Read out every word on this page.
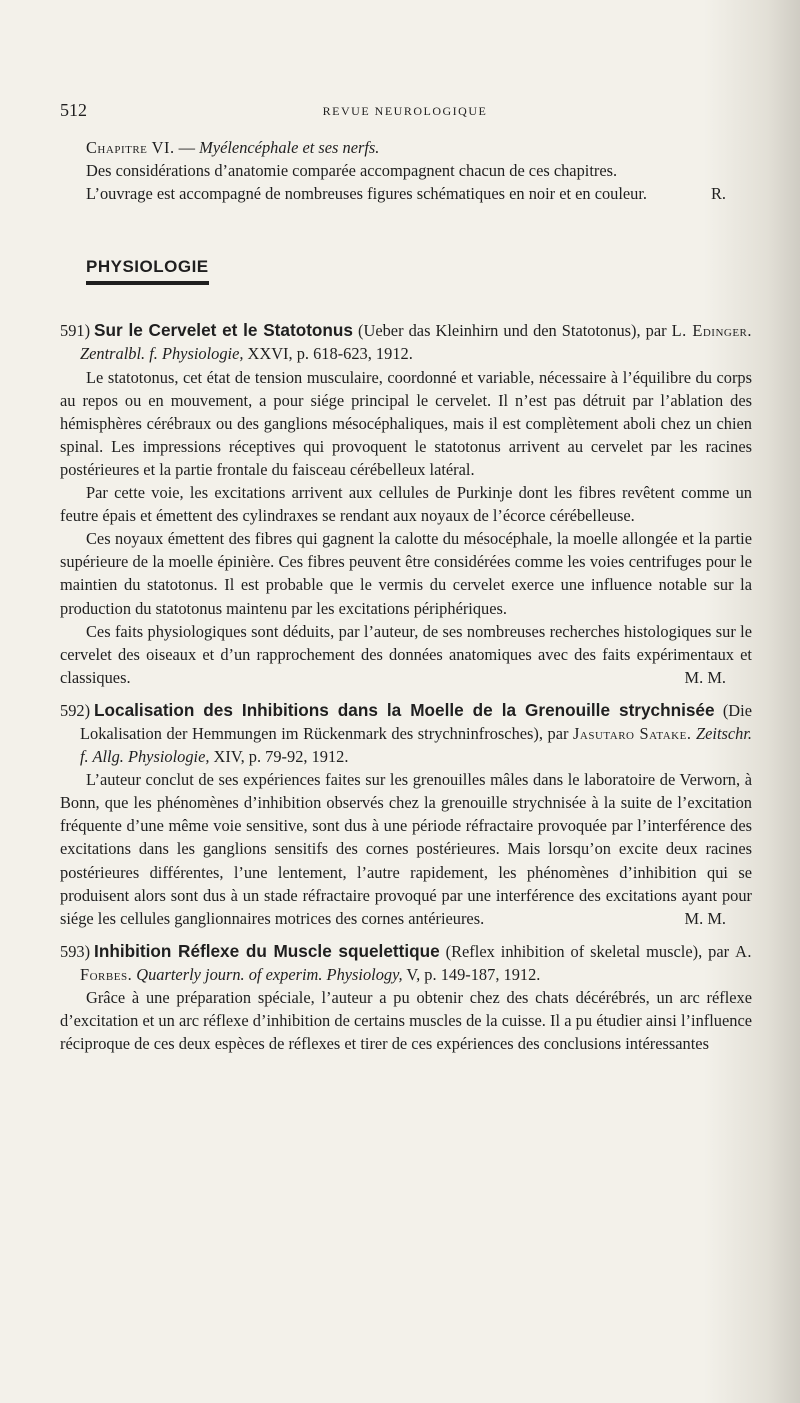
512	REVUE NEUROLOGIQUE

Chapitre VI. — Myélencéphale et ses nerfs.

Des considérations d’anatomie comparée accompagnent chacun de ces chapitres.

L’ouvrage est accompagné de nombreuses figures schématiques en noir et en couleur.	R.

PHYSIOLOGIE

591) Sur le Cervelet et le Statotonus (Ueber das Kleinhirn und den Statotonus), par L. Edinger. Zentralbl. f. Physiologie, XXVI, p. 618-623, 1912.

Le statotonus, cet état de tension musculaire, coordonné et variable, nécessaire à l’équilibre du corps au repos ou en mouvement, a pour siége principal le cervelet. Il n’est pas détruit par l’ablation des hémisphères cérébraux ou des ganglions mésocéphaliques, mais il est complètement aboli chez un chien spinal. Les impressions réceptives qui provoquent le statotonus arrivent au cervelet par les racines postérieures et la partie frontale du faisceau cérébelleux latéral.

Par cette voie, les excitations arrivent aux cellules de Purkinje dont les fibres revêtent comme un feutre épais et émettent des cylindraxes se rendant aux noyaux de l’écorce cérébelleuse.

Ces noyaux émettent des fibres qui gagnent la calotte du mésocéphale, la moelle allongée et la partie supérieure de la moelle épinière. Ces fibres peuvent être considérées comme les voies centrifuges pour le maintien du statotonus. Il est probable que le vermis du cervelet exerce une influence notable sur la production du statotonus maintenu par les excitations périphériques.

Ces faits physiologiques sont déduits, par l’auteur, de ses nombreuses recherches histologiques sur le cervelet des oiseaux et d’un rapprochement des données anatomiques avec des faits expérimentaux et classiques.	M. M.

592) Localisation des Inhibitions dans la Moelle de la Grenouille strychnisée (Die Lokalisation der Hemmungen im Rückenmark des strychninfrosches), par Jasutaro Satake. Zeitschr. f. Allg. Physiologie, XIV, p. 79-92, 1912.

L’auteur conclut de ses expériences faites sur les grenouilles mâles dans le laboratoire de Verworn, à Bonn, que les phénomènes d’inhibition observés chez la grenouille strychnisée à la suite de l’excitation fréquente d’une même voie sensitive, sont dus à une période réfractaire provoquée par l’interférence des excitations dans les ganglions sensitifs des cornes postérieures. Mais lorsqu’on excite deux racines postérieures différentes, l’une lentement, l’autre rapidement, les phénomènes d’inhibition qui se produisent alors sont dus à un stade réfractaire provoqué par une interférence des excitations ayant pour siége les cellules ganglionnaires motrices des cornes antérieures.	M. M.

593) Inhibition Réflexe du Muscle squelettique (Reflex inhibition of skeletal muscle), par A. Forbes. Quarterly journ. of experim. Physiology, V, p. 149-187, 1912.

Grâce à une préparation spéciale, l’auteur a pu obtenir chez des chats décérébrés, un arc réflexe d’excitation et un arc réflexe d’inhibition de certains muscles de la cuisse. Il a pu étudier ainsi l’influence réciproque de ces deux espèces de réflexes et tirer de ces expériences des conclusions intéressantes
